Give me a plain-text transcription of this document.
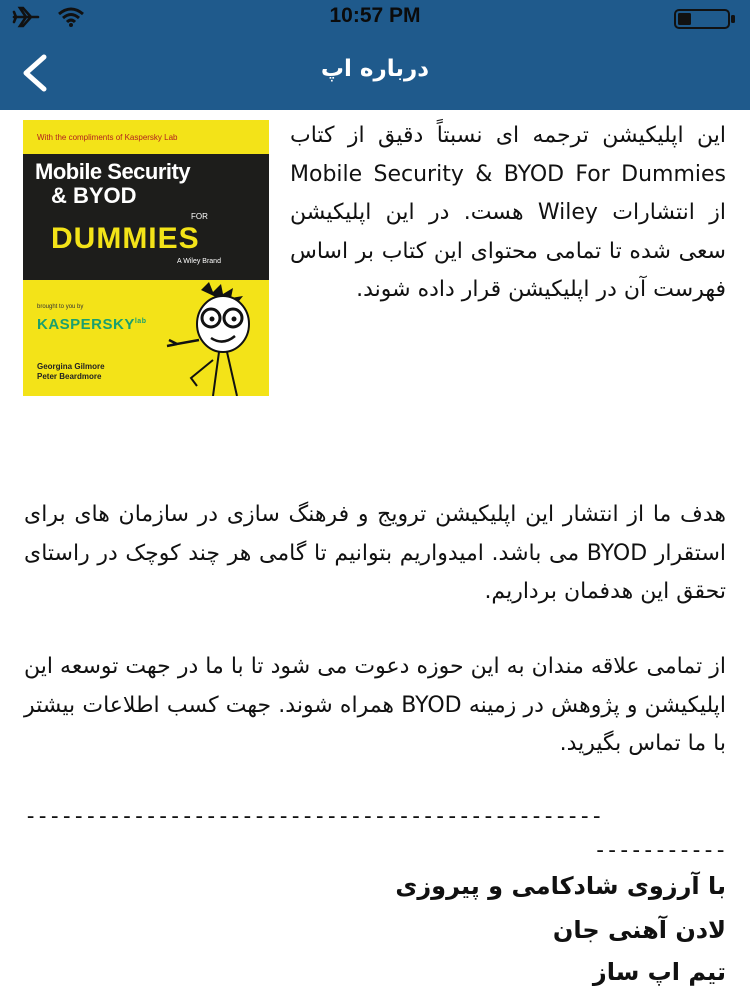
10:57 PM
درباره اپ
With the compliments of Kaspersky Lab
Mobile Security
& BYOD
FOR
DUMMIES
A Wiley Brand
brought to you by
$KASPERSKY^{lab}$
Georgina Gilmore
Peter Beardmore
این اپلیکیشن ترجمه ای نسبتاً دقیق از کتاب Mobile Security & BYOD For Dummies از انتشارات Wiley هست. در این اپلیکیشن سعی شده تا تمامی محتوای این کتاب بر اساس فهرست آن در اپلیکیشن قرار داده شوند.
هدف ما از انتشار این اپلیکیشن ترویج و فرهنگ سازی در سازمان های برای استقرار BYOD می باشد. امیدواریم بتوانیم تا گامی هر چند کوچک در راستای تحقق این هدفمان برداریم.
از تمامی علاقه مندان به این حوزه دعوت می شود تا با ما در جهت توسعه این اپلیکیشن و پژوهش در زمینه BYOD همراه شوند. جهت کسب اطلاعات بیشتر با ما تماس بگیرید.
------------------------------------------------
-----------
با آرزوی شادکامی و پیروزی
لادن آهنی جان
تیم اپ ساز
